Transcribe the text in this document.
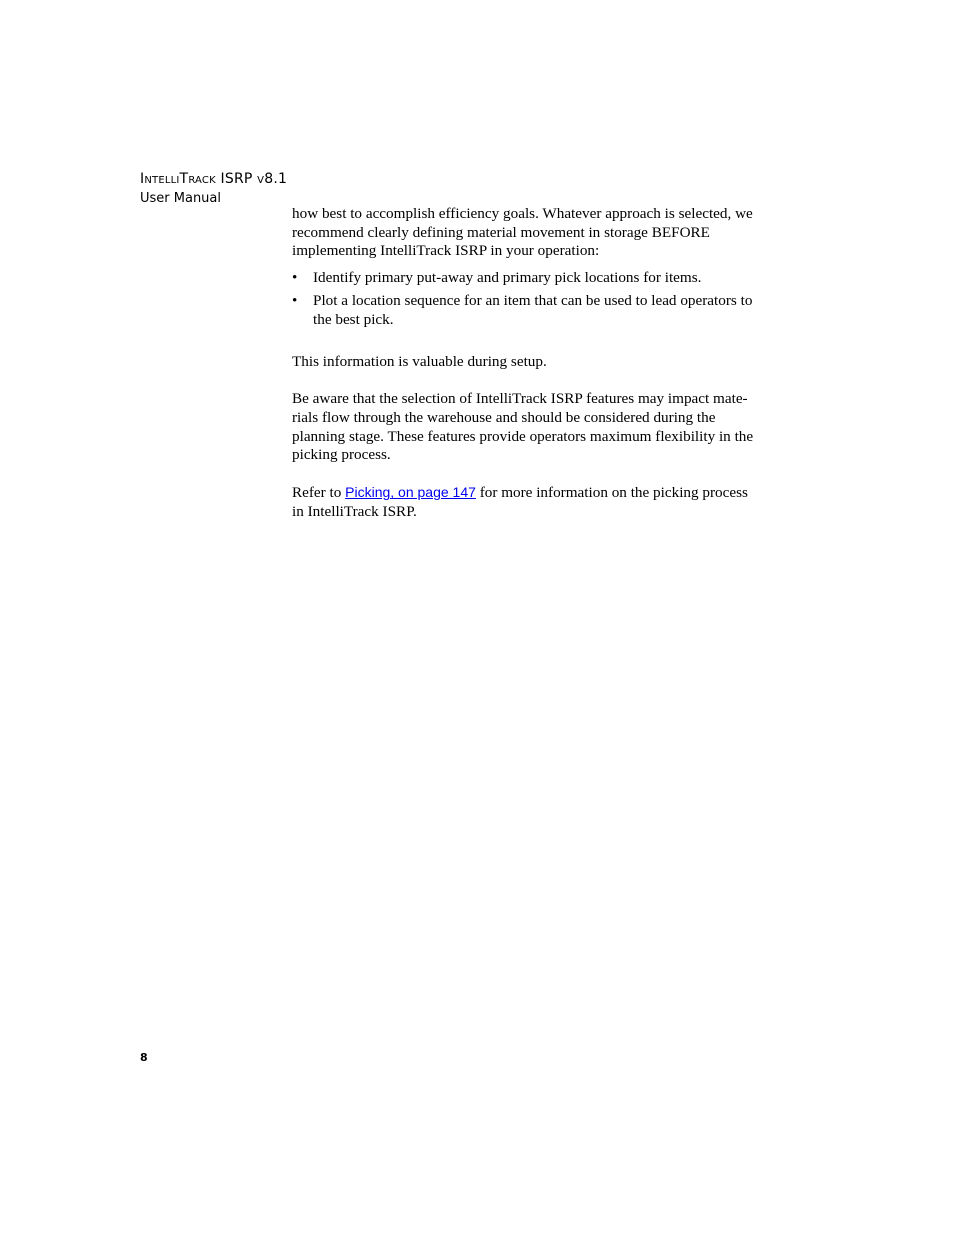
INTELLITRACK ISRP V8.1
User Manual

how best to accomplish efficiency goals. Whatever approach is selected, we recommend clearly defining material movement in storage BEFORE implementing IntelliTrack ISRP in your operation:

• Identify primary put-away and primary pick locations for items.
• Plot a location sequence for an item that can be used to lead operators to the best pick.

This information is valuable during setup.

Be aware that the selection of IntelliTrack ISRP features may impact mate-rials flow through the warehouse and should be considered during the planning stage. These features provide operators maximum flexibility in the picking process.

Refer to Picking, on page 147 for more information on the picking process in IntelliTrack ISRP.

8
